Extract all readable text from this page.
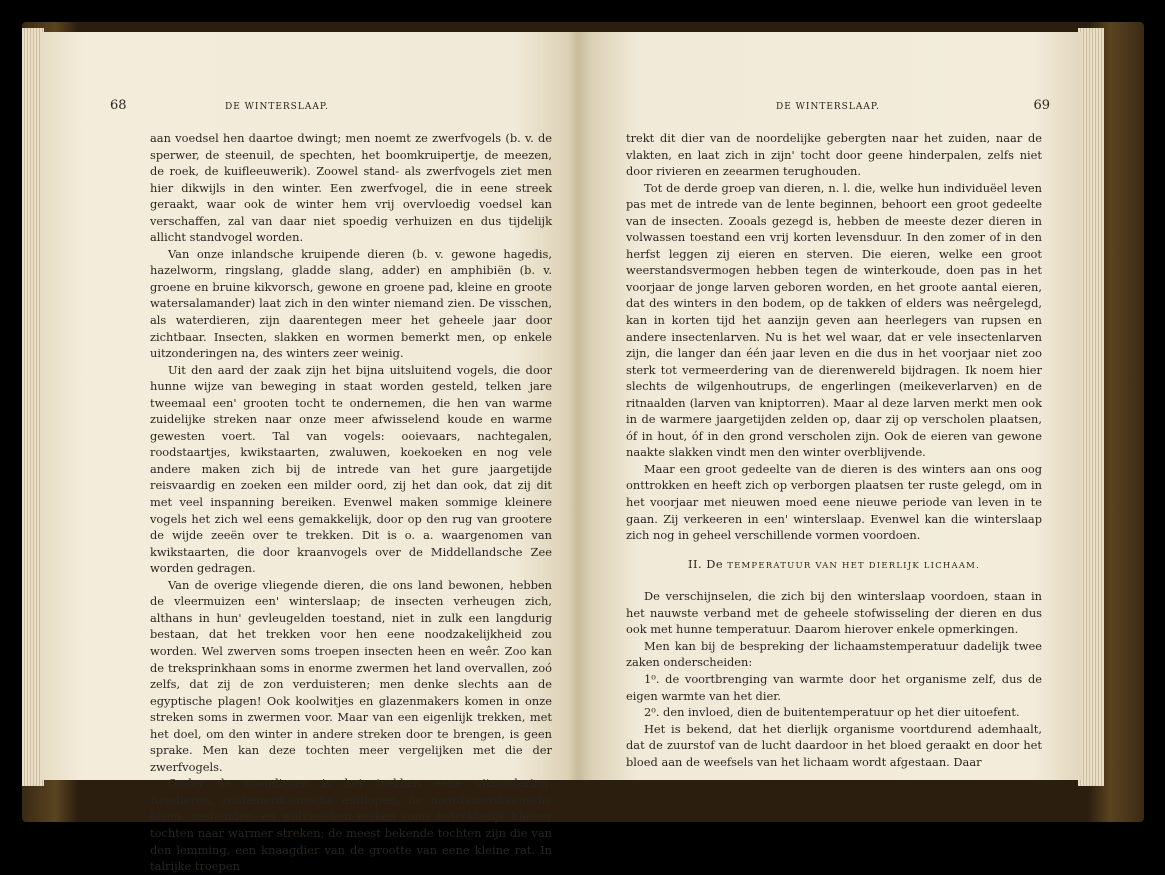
68	DE WINTERSLAAP.

aan voedsel hen daartoe dwingt; men noemt ze zwerfvogels (b. v. de sperwer, de steenuil, de spechten, het boomkruipertje, de meezen, de roek, de kuifleeuwerik). Zoowel stand- als zwerfvogels ziet men hier dikwijls in den winter. Een zwerfvogel, die in eene streek geraakt, waar ook de winter hem vrij overvloedig voedsel kan verschaffen, zal van daar niet spoedig verhuizen en dus tijdelijk allicht standvogel worden.

Van onze inlandsche kruipende dieren (b. v. gewone hagedis, hazelworm, ringslang, gladde slang, adder) en amphibiën (b. v. groene en bruine kikvorsch, gewone en groene pad, kleine en groote watersalamander) laat zich in den winter niemand zien. De visschen, als waterdieren, zijn daarentegen meer het geheele jaar door zichtbaar. Insecten, slakken en wormen bemerkt men, op enkele uitzonderingen na, des winters zeer weinig.

Uit den aard der zaak zijn het bijna uitsluitend vogels, die door hunne wijze van beweging in staat worden gesteld, telken jare tweemaal een' grooten tocht te ondernemen, die hen van warme zuidelijke streken naar onze meer afwisselend koude en warme gewesten voert. Tal van vogels: ooievaars, nachtegalen, roodstaartjes, kwikstaarten, zwaluwen, koekoeken en nog vele andere maken zich bij de intrede van het gure jaargetijde reisvaardig en zoeken een milder oord, zij het dan ook, dat zij dit met veel inspanning bereiken. Evenwel maken sommige kleinere vogels het zich wel eens gemakkelijk, door op den rug van grootere de wijde zeeën over te trekken. Dit is o. a. waargenomen van kwikstaarten, die door kraanvogels over de Middellandsche Zee worden gedragen.

Van de overige vliegende dieren, die ons land bewonen, hebben de vleermuizen een' winterslaap; de insecten verheugen zich, althans in hun' gevleugelden toestand, niet in zulk een langdurig bestaan, dat het trekken voor hen eene noodzakelijkheid zou worden. Wel zwerven soms troepen insecten heen en weêr. Zoo kan de treksprinkhaan soms in enorme zwermen het land overvallen, zoó zelfs, dat zij de zon verduisteren; men denke slechts aan de egyptische plagen! Ook koolwitjes en glazenmakers komen in onze streken soms in zwermen voor. Maar van een eigenlijk trekken, met het doel, om den winter in andere streken door te brengen, is geen sprake. Men kan deze tochten meer vergelijken met die der zwerfvogels.

Onder de zoogdieren is het trekken eene uitzondering. Rendieren, zuidamerikaansche antilopen, de noordamerikaansche bison, zeehonden, en walvisschen maken soms betrekkelijk kleiner tochten naar warmer streken; de meest bekende tochten zijn die van den lemming, een knaagdier van de grootte van eene kleine rat. In talrijke troepen

DE WINTERSLAAP.	69

trekt dit dier van de noordelijke gebergten naar het zuiden, naar de vlakten, en laat zich in zijn' tocht door geene hinderpalen, zelfs niet door rivieren en zeearmen terughouden.

Tot de derde groep van dieren, n. l. die, welke hun individuëel leven pas met de intrede van de lente beginnen, behoort een groot gedeelte van de insecten. Zooals gezegd is, hebben de meeste dezer dieren in volwassen toestand een vrij korten levensduur. In den zomer of in den herfst leggen zij eieren en sterven. Die eieren, welke een groot weerstandsvermogen hebben tegen de winterkoude, doen pas in het voorjaar de jonge larven geboren worden, en het groote aantal eieren, dat des winters in den bodem, op de takken of elders was neêrgelegd, kan in korten tijd het aanzijn geven aan heerlegers van rupsen en andere insectenlarven. Nu is het wel waar, dat er vele insectenlarven zijn, die langer dan één jaar leven en die dus in het voorjaar niet zoo sterk tot vermeerdering van de dierenwereld bijdragen. Ik noem hier slechts de wilgenhoutrups, de engerlingen (meikeverlarven) en de ritnaalden (larven van kniptorren). Maar al deze larven merkt men ook in de warmere jaargetijden zelden op, daar zij op verscholen plaatsen, óf in hout, óf in den grond verscholen zijn. Ook de eieren van gewone naakte slakken vindt men den winter overblijvende.

Maar een groot gedeelte van de dieren is des winters aan ons oog onttrokken en heeft zich op verborgen plaatsen ter ruste gelegd, om in het voorjaar met nieuwen moed eene nieuwe periode van leven in te gaan. Zij verkeeren in een' winterslaap. Evenwel kan die winterslaap zich nog in geheel verschillende vormen voordoen.

II. De TEMPERATUUR VAN HET DIERLIJK LICHAAM.

De verschijnselen, die zich bij den winterslaap voordoen, staan in het nauwste verband met de geheele stofwisseling der dieren en dus ook met hunne temperatuur. Daarom hierover enkele opmerkingen.

Men kan bij de bespreking der lichaamstemperatuur dadelijk twee zaken onderscheiden:

1⁰. de voortbrenging van warmte door het organisme zelf, dus de eigen warmte van het dier.

2⁰. den invloed, dien de buitentemperatuur op het dier uitoefent.

Het is bekend, dat het dierlijk organisme voortdurend ademhaalt, dat de zuurstof van de lucht daardoor in het bloed geraakt en door het bloed aan de weefsels van het lichaam wordt afgestaan. Daar
